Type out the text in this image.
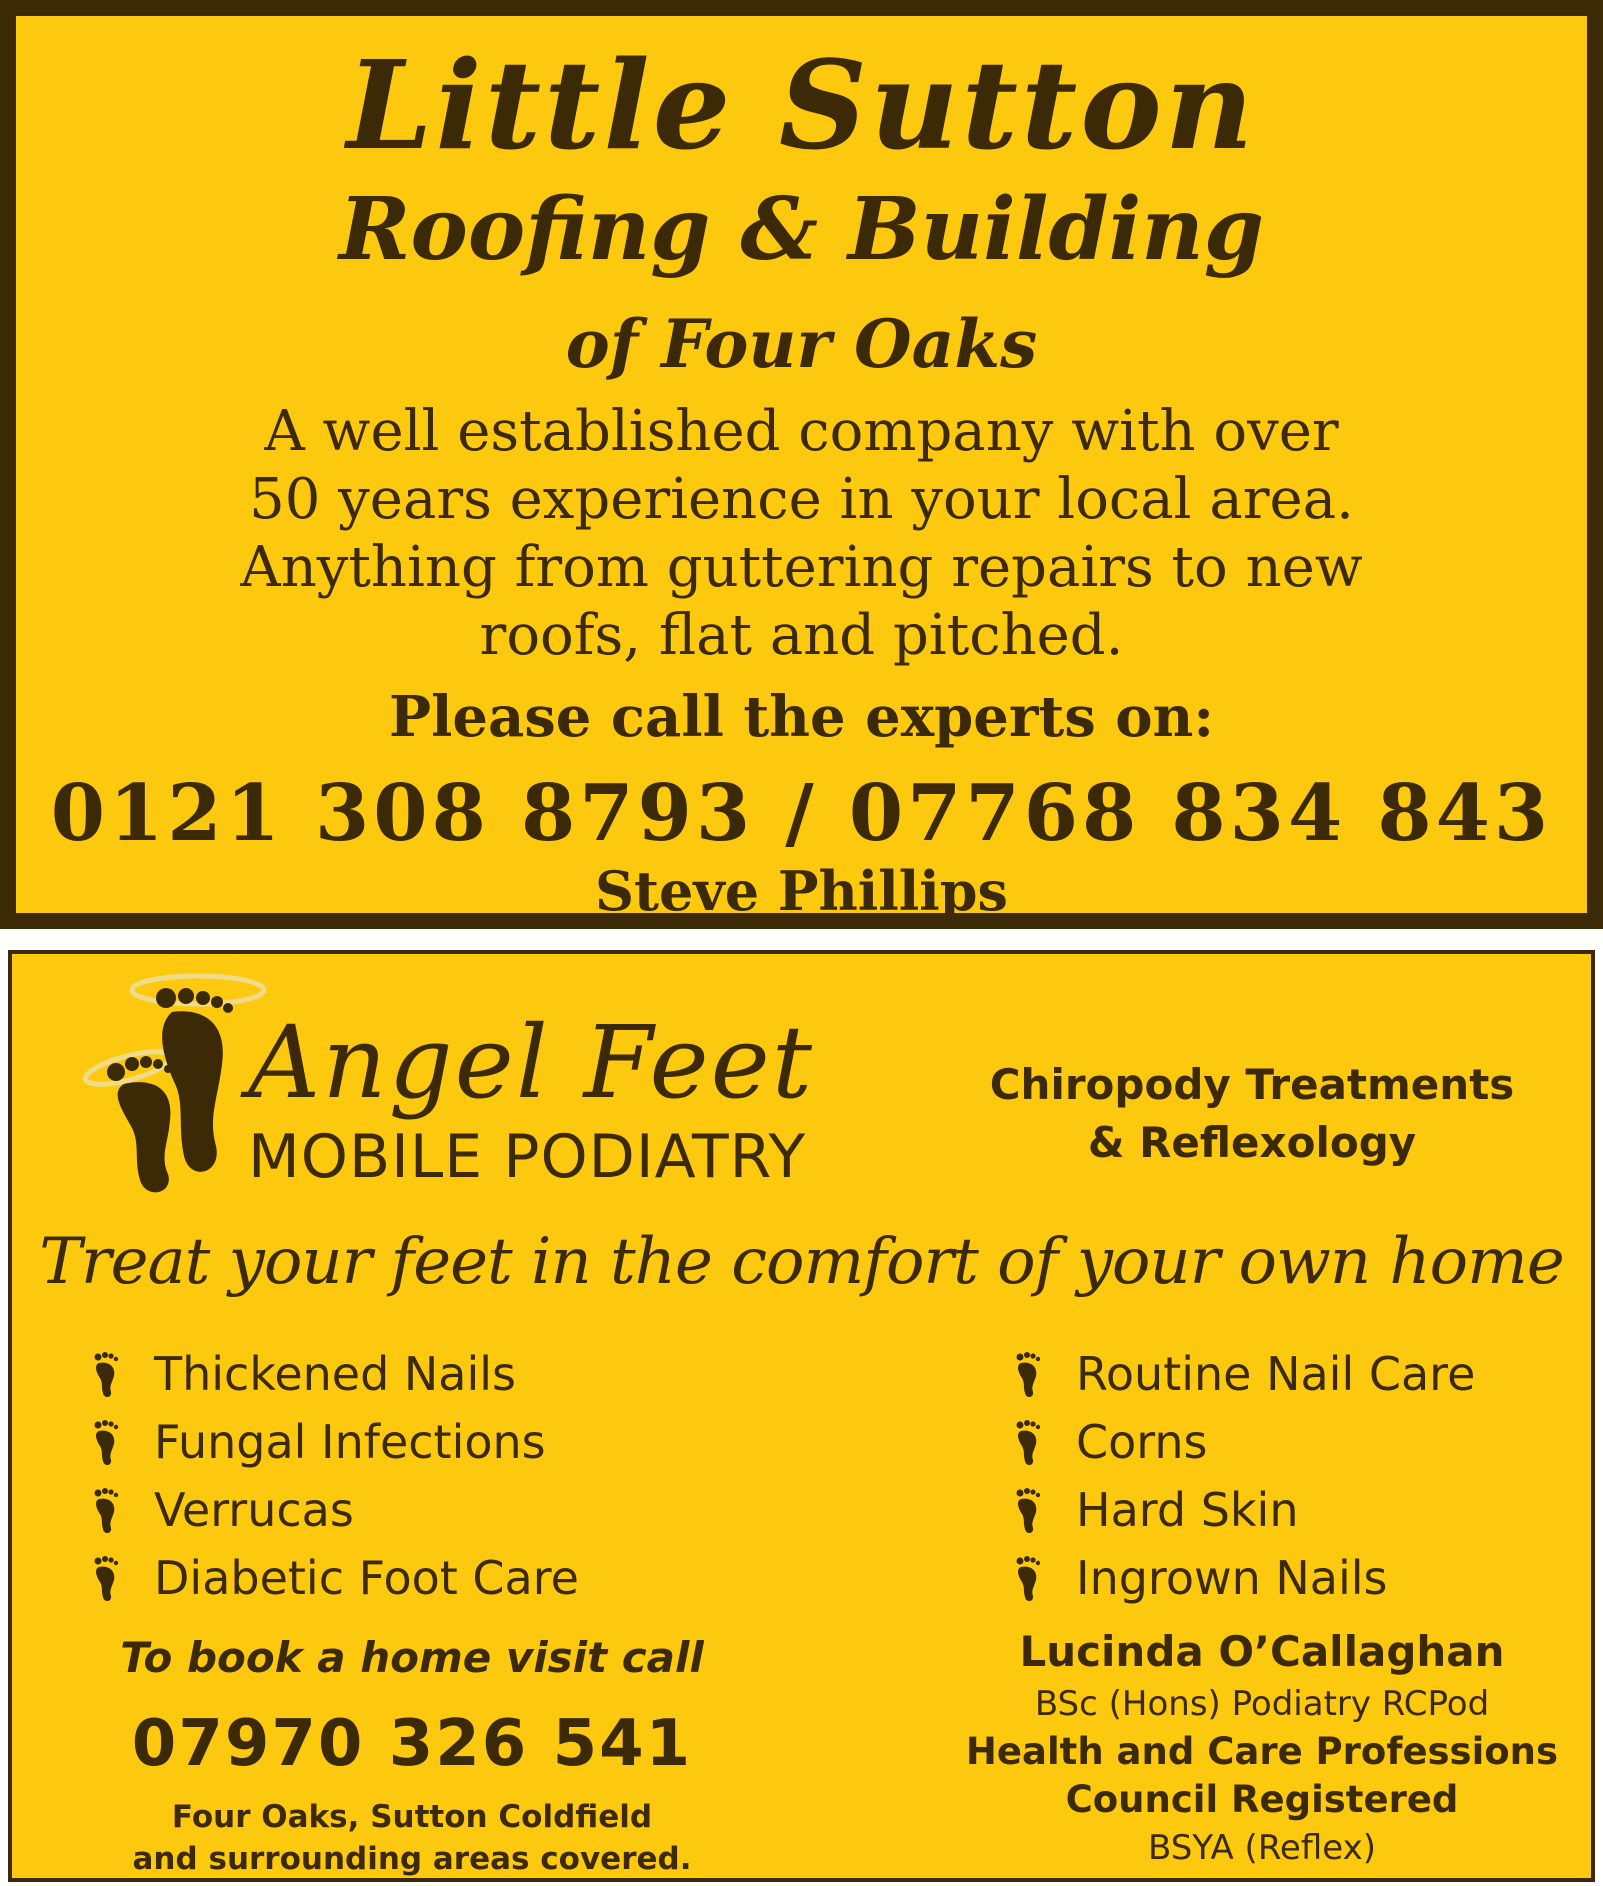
Little Sutton
Roofing & Building
of Four Oaks
A well established company with over
50 years experience in your local area.
Anything from guttering repairs to new
roofs, flat and pitched.
Please call the experts on:
0121 308 8793 / 07768 834 843
Steve Phillips
Angel Feet
MOBILE PODIATRY
Chiropody Treatments
& Reflexology
Treat your feet in the comfort of your own home
Thickened Nails
Fungal Infections
Verrucas
Diabetic Foot Care
Routine Nail Care
Corns
Hard Skin
Ingrown Nails
To book a home visit call
07970 326 541
Four Oaks, Sutton Coldfield
and surrounding areas covered.
Lucinda O’Callaghan
BSc (Hons) Podiatry RCPod
Health and Care Professions
Council Registered
BSYA (Reflex)
